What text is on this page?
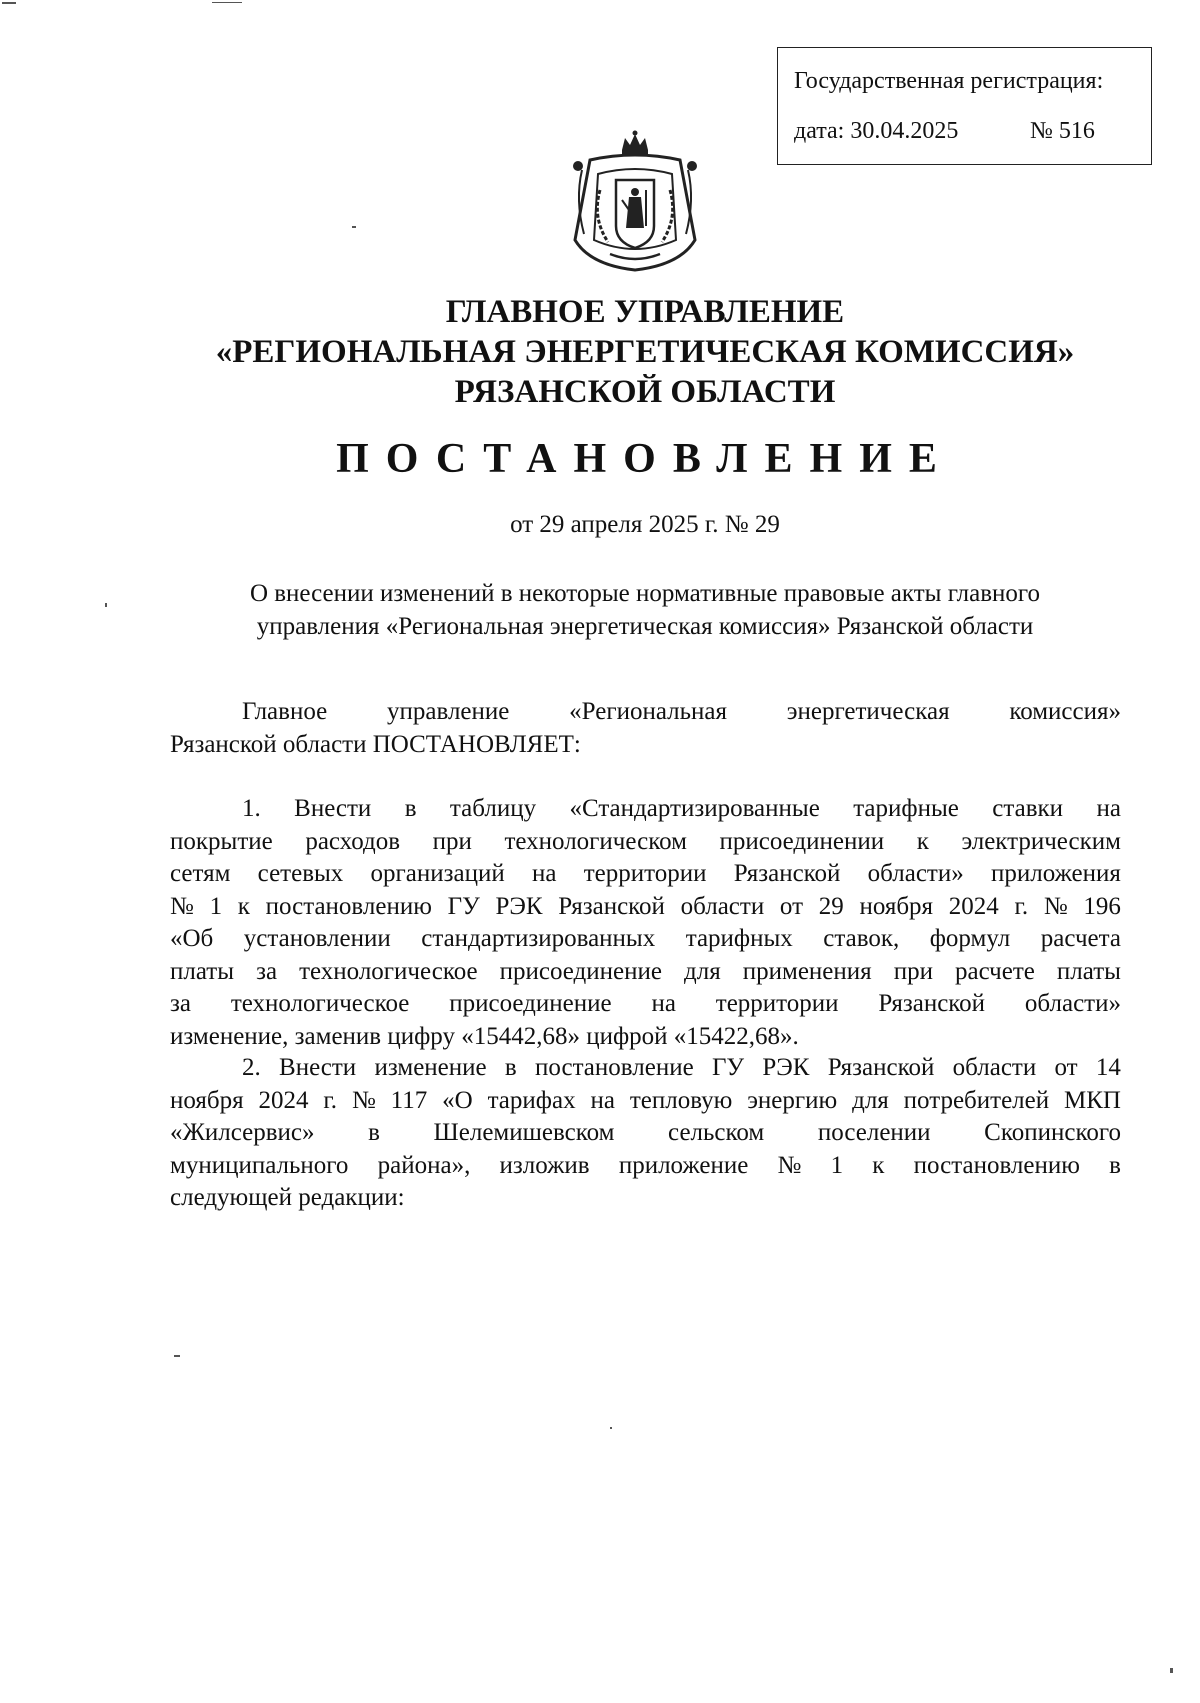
Государственная регистрация:
дата: 30.04.2025	№ 516
ГЛАВНОЕ УПРАВЛЕНИЕ
«РЕГИОНАЛЬНАЯ ЭНЕРГЕТИЧЕСКАЯ КОМИССИЯ»
РЯЗАНСКОЙ ОБЛАСТИ
ПОСТАНОВЛЕНИЕ
от 29 апреля 2025 г. № 29
О внесении изменений в некоторые нормативные правовые акты главного
управления «Региональная энергетическая комиссия» Рязанской области
Главное управление «Региональная энергетическая комиссия»
Рязанской области ПОСТАНОВЛЯЕТ:
1. Внести в таблицу «Стандартизированные тарифные ставки на
покрытие расходов при технологическом присоединении к электрическим
сетям сетевых организаций на территории Рязанской области» приложения
№ 1 к постановлению ГУ РЭК Рязанской области от 29 ноября 2024 г. № 196
«Об установлении стандартизированных тарифных ставок, формул расчета
платы за технологическое присоединение для применения при расчете платы
за технологическое присоединение на территории Рязанской области»
изменение, заменив цифру «15442,68» цифрой «15422,68».
2. Внести изменение в постановление ГУ РЭК Рязанской области от 14
ноября 2024 г. № 117 «О тарифах на тепловую энергию для потребителей МКП
«Жилсервис» в Шелемишевском сельском поселении Скопинского
муниципального района», изложив приложение № 1 к постановлению в
следующей редакции:
